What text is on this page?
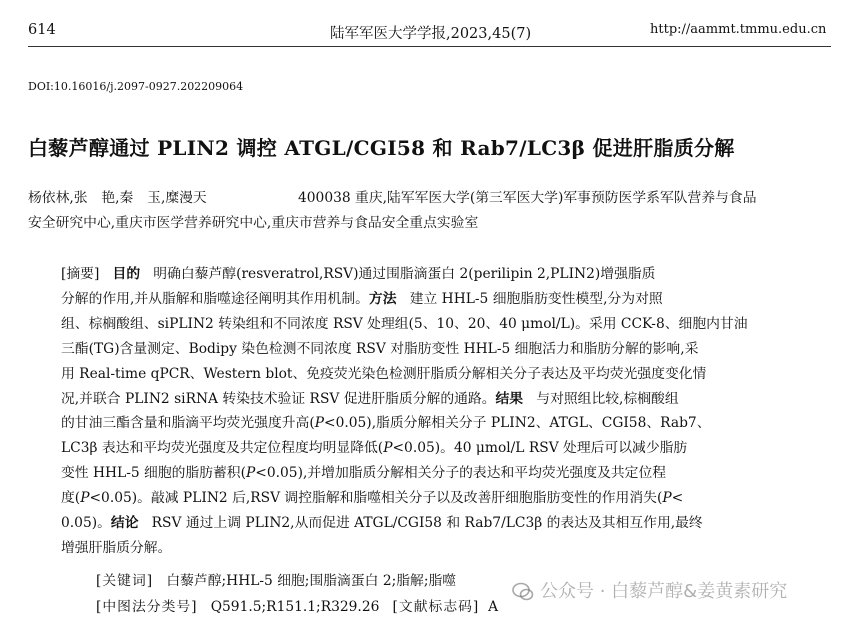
614	陆军军医大学学报,2023,45(7)	http://aammt.tmmu.edu.cn
DOI:10.16016/j.2097-0927.202209064
白藜芦醇通过 PLIN2 调控 ATGL/CGI58 和 Rab7/LC3β 促进肝脂质分解
杨依林,张　艳,秦　玉,糜漫天	400038 重庆,陆军军医大学(第三军医大学)军事预防医学系军队营养与食品
安全研究中心,重庆市医学营养研究中心,重庆市营养与食品安全重点实验室
[摘要] 目的 明确白藜芦醇(resveratrol,RSV)通过围脂滴蛋白 2(perilipin 2,PLIN2)增强脂质
分解的作用,并从脂解和脂噬途径阐明其作用机制。方法 建立 HHL-5 细胞脂肪变性模型,分为对照
组、棕榈酸组、siPLIN2 转染组和不同浓度 RSV 处理组(5、10、20、40 μmol/L)。采用 CCK-8、细胞内甘油
三酯(TG)含量测定、Bodipy 染色检测不同浓度 RSV 对脂肪变性 HHL-5 细胞活力和脂肪分解的影响,采
用 Real-time qPCR、Western blot、免疫荧光染色检测肝脂质分解相关分子表达及平均荧光强度变化情
况,并联合 PLIN2 siRNA 转染技术验证 RSV 促进肝脂质分解的通路。结果 与对照组比较,棕榈酸组
的甘油三酯含量和脂滴平均荧光强度升高(P<0.05),脂质分解相关分子 PLIN2、ATGL、CGI58、Rab7、
LC3β 表达和平均荧光强度及共定位程度均明显降低(P<0.05)。40 μmol/L RSV 处理后可以减少脂肪
变性 HHL-5 细胞的脂肪蓄积(P<0.05),并增加脂质分解相关分子的表达和平均荧光强度及共定位程
度(P<0.05)。敲减 PLIN2 后,RSV 调控脂解和脂噬相关分子以及改善肝细胞脂肪变性的作用消失(P<
0.05)。结论 RSV 通过上调 PLIN2,从而促进 ATGL/CGI58 和 Rab7/LC3β 的表达及其相互作用,最终
增强肝脂质分解。
[关键词] 白藜芦醇;HHL-5 细胞;围脂滴蛋白 2;脂解;脂噬
[中图法分类号] Q591.5;R151.1;R329.26 [文献标志码] A
公众号 · 白藜芦醇&姜黄素研究
